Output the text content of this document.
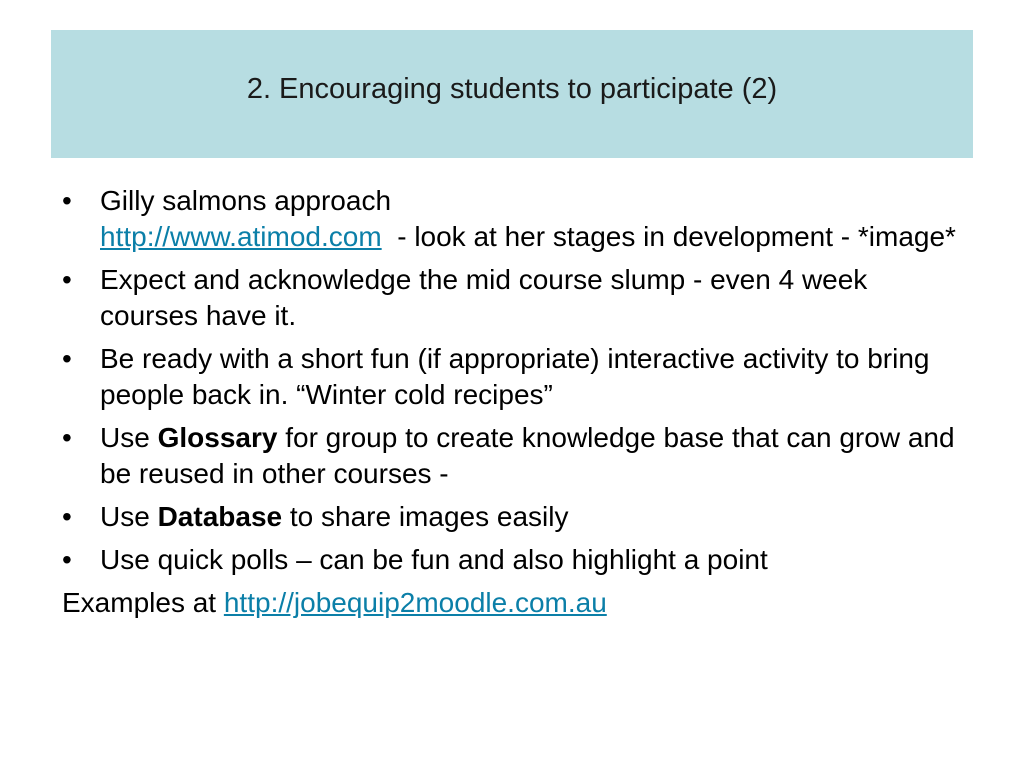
2. Encouraging students to participate (2)
•	Gilly salmons approach
http://www.atimod.com  - look at her stages in development - *image*
•	Expect and acknowledge the mid course slump - even 4 week courses have it.
•	Be ready with a short fun (if appropriate) interactive activity to bring people back in. “Winter cold recipes”
•	Use Glossary for group to create knowledge base that can grow and be reused in other courses -
•	Use Database to share images easily
•	Use quick polls – can be fun and also highlight a point
Examples at http://jobequip2moodle.com.au
